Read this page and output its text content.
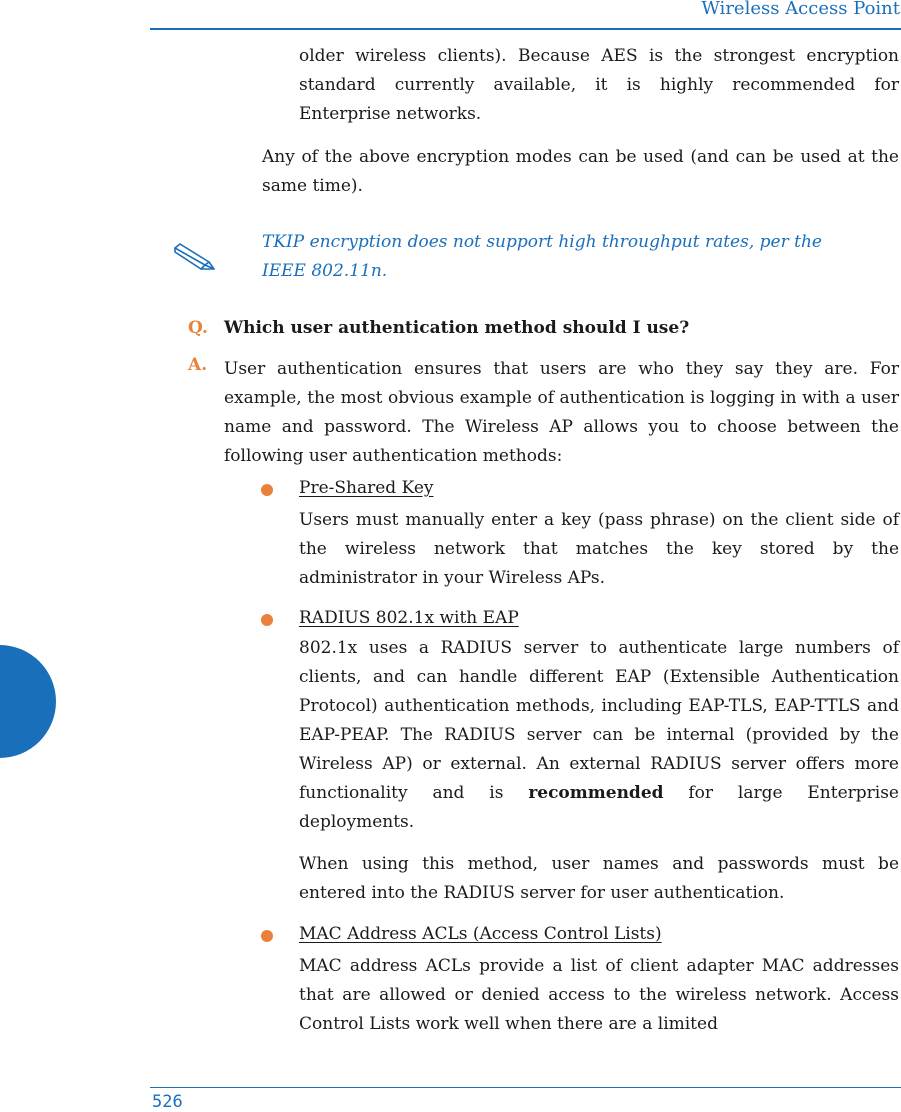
Wireless Access Point

older wireless clients). Because AES is the strongest encryption standard currently available, it is highly recommended for Enterprise networks.

Any of the above encryption modes can be used (and can be used at the same time).

TKIP encryption does not support high throughput rates, per the
IEEE 802.11n.
Q. Which user authentication method should I use?
A. User authentication ensures that users are who they say they are. For example, the most obvious example of authentication is logging in with a user name and password. The Wireless AP allows you to choose between the following user authentication methods:

Pre-Shared Key

Users must manually enter a key (pass phrase) on the client side of the wireless network that matches the key stored by the administrator in your Wireless APs.

RADIUS 802.1x with EAP

802.1x uses a RADIUS server to authenticate large numbers of clients, and can handle different EAP (Extensible Authentication Protocol) authentication methods, including EAP-TLS, EAP-TTLS and EAP-PEAP. The RADIUS server can be internal (provided by the Wireless AP) or external. An external RADIUS server offers more functionality and is recommended for large Enterprise deployments.

When using this method, user names and passwords must be entered into the RADIUS server for user authentication.

MAC Address ACLs (Access Control Lists)

MAC address ACLs provide a list of client adapter MAC addresses that are allowed or denied access to the wireless network. Access Control Lists work well when there are a limited

526
